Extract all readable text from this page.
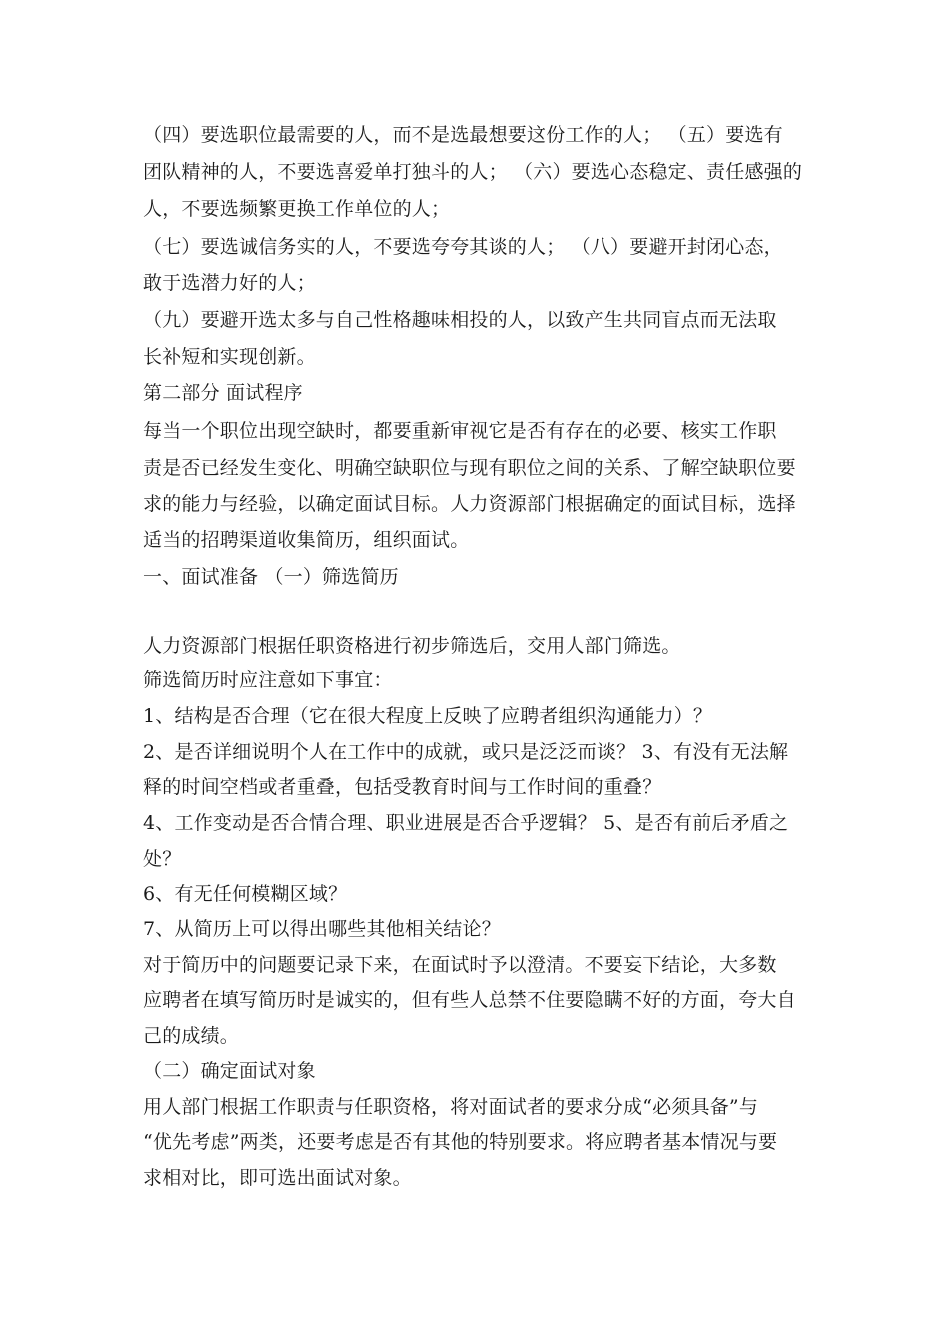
（四）要选职位最需要的人，而不是选最想要这份工作的人； （五）要选有

团队精神的人，不要选喜爱单打独斗的人； （六）要选心态稳定、责任感强的

人，不要选频繁更换工作单位的人；

（七）要选诚信务实的人，不要选夸夸其谈的人； （八）要避开封闭心态，

敢于选潜力好的人；

（九）要避开选太多与自己性格趣味相投的人，以致产生共同盲点而无法取

长补短和实现创新。

第二部分 面试程序

每当一个职位出现空缺时，都要重新审视它是否有存在的必要、核实工作职

责是否已经发生变化、明确空缺职位与现有职位之间的关系、了解空缺职位要

求的能力与经验，以确定面试目标。人力资源部门根据确定的面试目标，选择

适当的招聘渠道收集简历，组织面试。

一、面试准备 （一）筛选简历

人力资源部门根据任职资格进行初步筛选后，交用人部门筛选。

筛选简历时应注意如下事宜：

1、结构是否合理（它在很大程度上反映了应聘者组织沟通能力）？

2、是否详细说明个人在工作中的成就，或只是泛泛而谈？ 3、有没有无法解

释的时间空档或者重叠，包括受教育时间与工作时间的重叠？

4、工作变动是否合情合理、职业进展是否合乎逻辑？ 5、是否有前后矛盾之

处？

6、有无任何模糊区域？

7、从简历上可以得出哪些其他相关结论？

对于简历中的问题要记录下来，在面试时予以澄清。不要妄下结论，大多数

应聘者在填写简历时是诚实的，但有些人总禁不住要隐瞒不好的方面，夸大自

己的成绩。

（二）确定面试对象

用人部门根据工作职责与任职资格，将对面试者的要求分成“必须具备”与

“优先考虑”两类，还要考虑是否有其他的特别要求。将应聘者基本情况与要

求相对比，即可选出面试对象。
